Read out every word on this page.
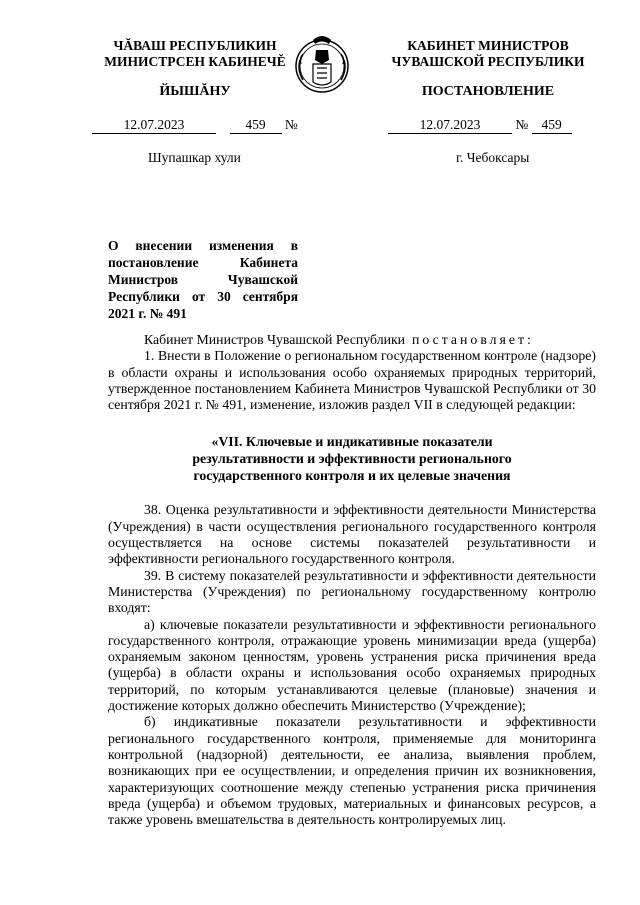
ЧĂВАШ РЕСПУБЛИКИН
МИНИСТРСЕН КАБИНЕЧĚ
ЙЫШĂНУ
КАБИНЕТ МИНИСТРОВ
ЧУВАШСКОЙ РЕСПУБЛИКИ
ПОСТАНОВЛЕНИЕ
12.07.2023	459 №	12.07.2023	№ 459
Шупашкар хули	г. Чебоксары
О внесении изменения в постановление Кабинета Министров Чувашской Республики от 30 сентября 2021 г. № 491

Кабинет Министров Чувашской Республики постановляет:

1. Внести в Положение о региональном государственном контроле (надзоре) в области охраны и использования особо охраняемых природных территорий, утвержденное постановлением Кабинета Министров Чувашской Республики от 30 сентября 2021 г. № 491, изменение, изложив раздел VII в следующей редакции:

«VII. Ключевые и индикативные показатели
результативности и эффективности регионального
государственного контроля и их целевые значения

38. Оценка результативности и эффективности деятельности Министерства (Учреждения) в части осуществления регионального государственного контроля осуществляется на основе системы показателей результативности и эффективности регионального государственного контроля.

39. В систему показателей результативности и эффективности деятельности Министерства (Учреждения) по региональному государственному контролю входят:

а) ключевые показатели результативности и эффективности регионального государственного контроля, отражающие уровень минимизации вреда (ущерба) охраняемым законом ценностям, уровень устранения риска причинения вреда (ущерба) в области охраны и использования особо охраняемых природных территорий, по которым устанавливаются целевые (плановые) значения и достижение которых должно обеспечить Министерство (Учреждение);

б) индикативные показатели результативности и эффективности регионального государственного контроля, применяемые для мониторинга контрольной (надзорной) деятельности, ее анализа, выявления проблем, возникающих при ее осуществлении, и определения причин их возникновения, характеризующих соотношение между степенью устранения риска причинения вреда (ущерба) и объемом трудовых, материальных и финансовых ресурсов, а также уровень вмешательства в деятельность контролируемых лиц.
